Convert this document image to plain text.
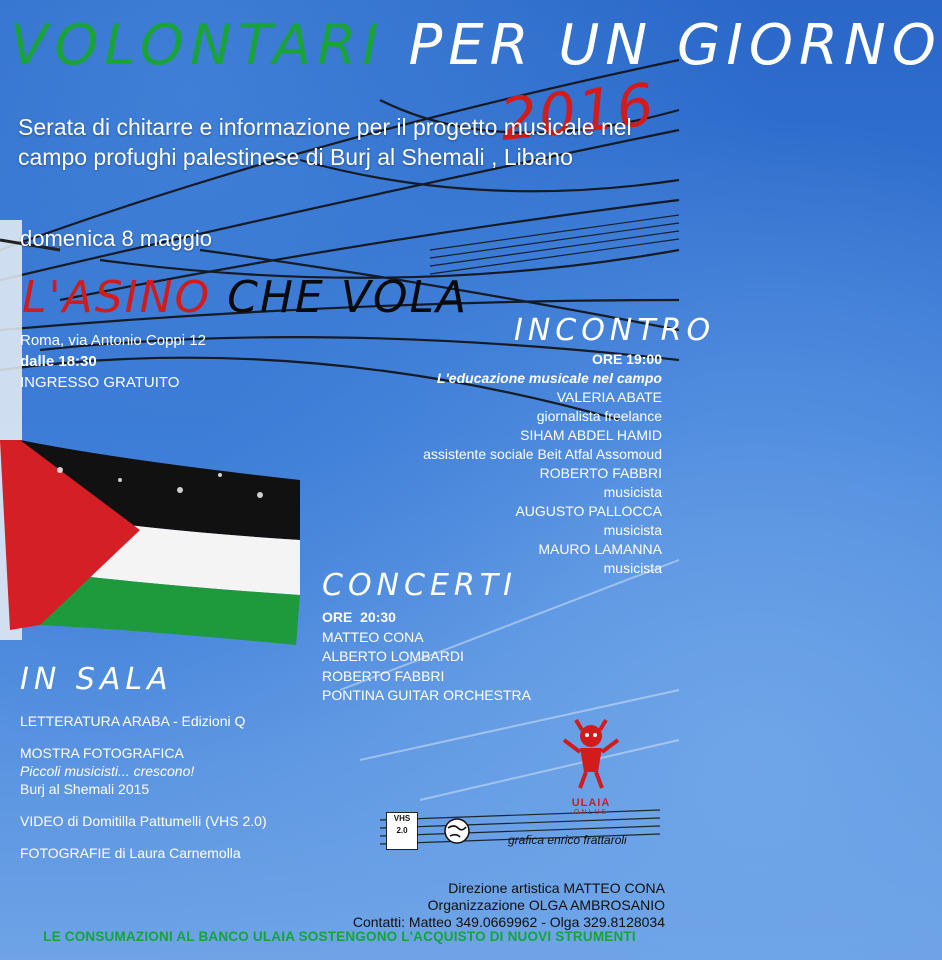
VOLONTARI PER UN GIORNO
2016
Serata di chitarre e informazione per il progetto musicale nel campo profughi palestinese di Burj al Shemali , Libano
domenica 8 maggio
L'ASINO CHE VOLA
Roma, via Antonio Coppi 12
dalle 18:30
INGRESSO GRATUITO
INCONTRO
ORE 19:00
L'educazione musicale nel campo
VALERIA ABATE
giornalista freelance
SIHAM ABDEL HAMID
assistente sociale Beit Atfal Assomoud
ROBERTO FABBRI
musicista
AUGUSTO PALLOCCA
musicista
MAURO LAMANNA
musicista
CONCERTI
ORE  20:30
MATTEO CONA
ALBERTO LOMBARDI
ROBERTO FABBRI
PONTINA GUITAR ORCHESTRA
IN SALA
LETTERATURA ARABA - Edizioni Q
MOSTRA FOTOGRAFICA
Piccoli musicisti... crescono!
Burj al Shemali 2015
VIDEO di Domitilla Pattumelli (VHS 2.0)
FOTOGRAFIE di Laura Carnemolla
VHS
2.0
ULAIA
ONLUS
grafica enrico frattaroli
Direzione artistica MATTEO CONA
Organizzazione OLGA AMBROSANIO
Contatti: Matteo 349.0669962 - Olga 329.8128034
LE CONSUMAZIONI AL BANCO ULAIA SOSTENGONO L'ACQUISTO DI NUOVI STRUMENTI
